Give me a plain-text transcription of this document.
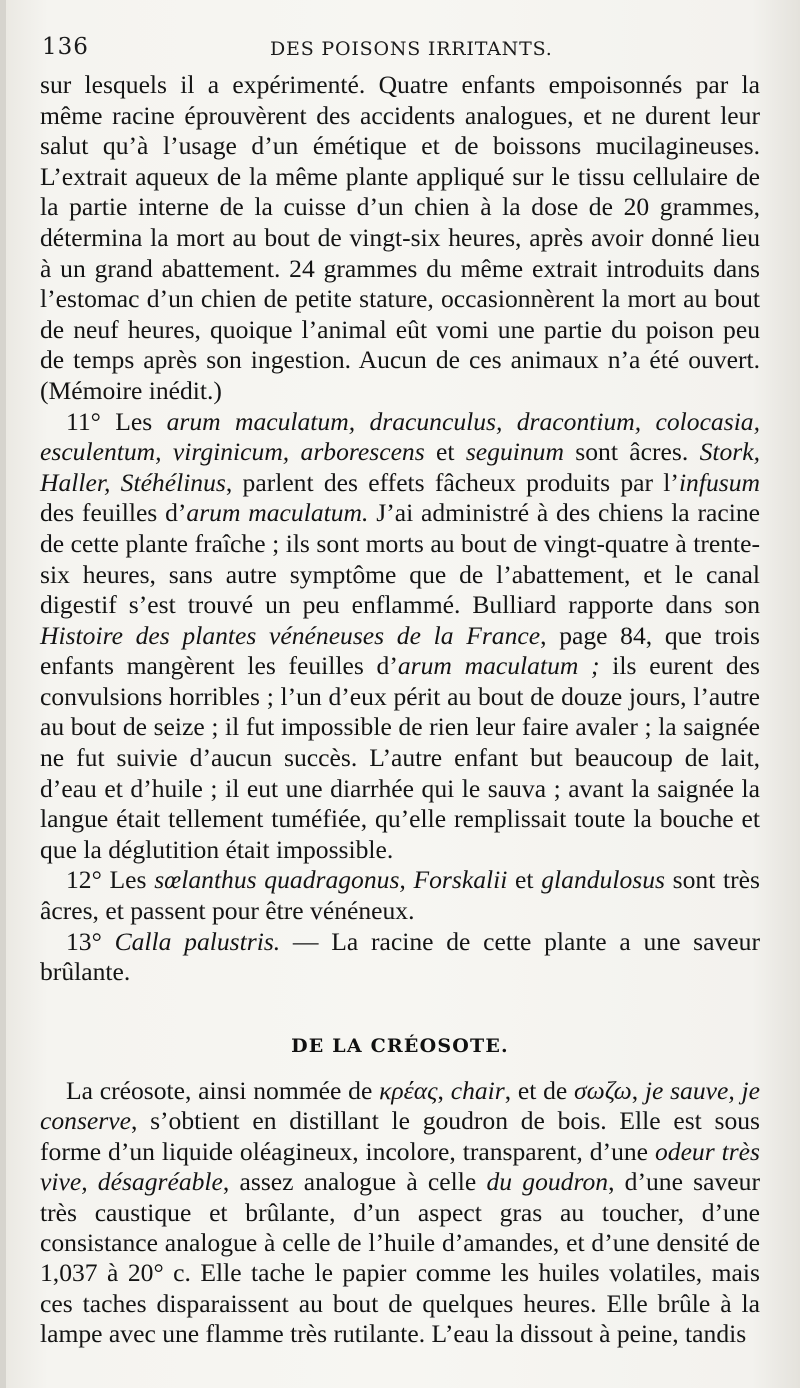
136	DES POISONS IRRITANTS.

sur lesquels il a expérimenté. Quatre enfants empoisonnés par la même racine éprouvèrent des accidents analogues, et ne durent leur salut qu’à l’usage d’un émétique et de boissons mucilagineuses. L’extrait aqueux de la même plante appliqué sur le tissu cellulaire de la partie interne de la cuisse d’un chien à la dose de 20 grammes, détermina la mort au bout de vingt-six heures, après avoir donné lieu à un grand abattement. 24 grammes du même extrait introduits dans l’estomac d’un chien de petite stature, occasionnèrent la mort au bout de neuf heures, quoique l’animal eût vomi une partie du poison peu de temps après son ingestion. Aucun de ces animaux n’a été ouvert. (Mémoire inédit.)

11° Les arum maculatum, dracunculus, dracontium, colocasia, esculentum, virginicum, arborescens et seguinum sont âcres. Stork, Haller, Stéhélinus, parlent des effets fâcheux produits par l’infusum des feuilles d’arum maculatum. J’ai administré à des chiens la racine de cette plante fraîche ; ils sont morts au bout de vingt-quatre à trente-six heures, sans autre symptôme que de l’abattement, et le canal digestif s’est trouvé un peu enflammé. Bulliard rapporte dans son Histoire des plantes vénéneuses de la France, page 84, que trois enfants mangèrent les feuilles d’arum maculatum ; ils eurent des convulsions horribles ; l’un d’eux périt au bout de douze jours, l’autre au bout de seize ; il fut impossible de rien leur faire avaler ; la saignée ne fut suivie d’aucun succès. L’autre enfant but beaucoup de lait, d’eau et d’huile ; il eut une diarrhée qui le sauva ; avant la saignée la langue était tellement tuméfiée, qu’elle remplissait toute la bouche et que la déglutition était impossible.

12° Les sœlanthus quadragonus, Forskalii et glandulosus sont très âcres, et passent pour être vénéneux.

13° Calla palustris. — La racine de cette plante a une saveur brûlante.

DE LA CRÉOSOTE.

La créosote, ainsi nommée de κρέας, chair, et de σωζω, je sauve, je conserve, s’obtient en distillant le goudron de bois. Elle est sous forme d’un liquide oléagineux, incolore, transparent, d’une odeur très vive, désagréable, assez analogue à celle du goudron, d’une saveur très caustique et brûlante, d’un aspect gras au toucher, d’une consistance analogue à celle de l’huile d’amandes, et d’une densité de 1,037 à 20° c. Elle tache le papier comme les huiles volatiles, mais ces taches disparaissent au bout de quelques heures. Elle brûle à la lampe avec une flamme très rutilante. L’eau la dissout à peine, tandis
